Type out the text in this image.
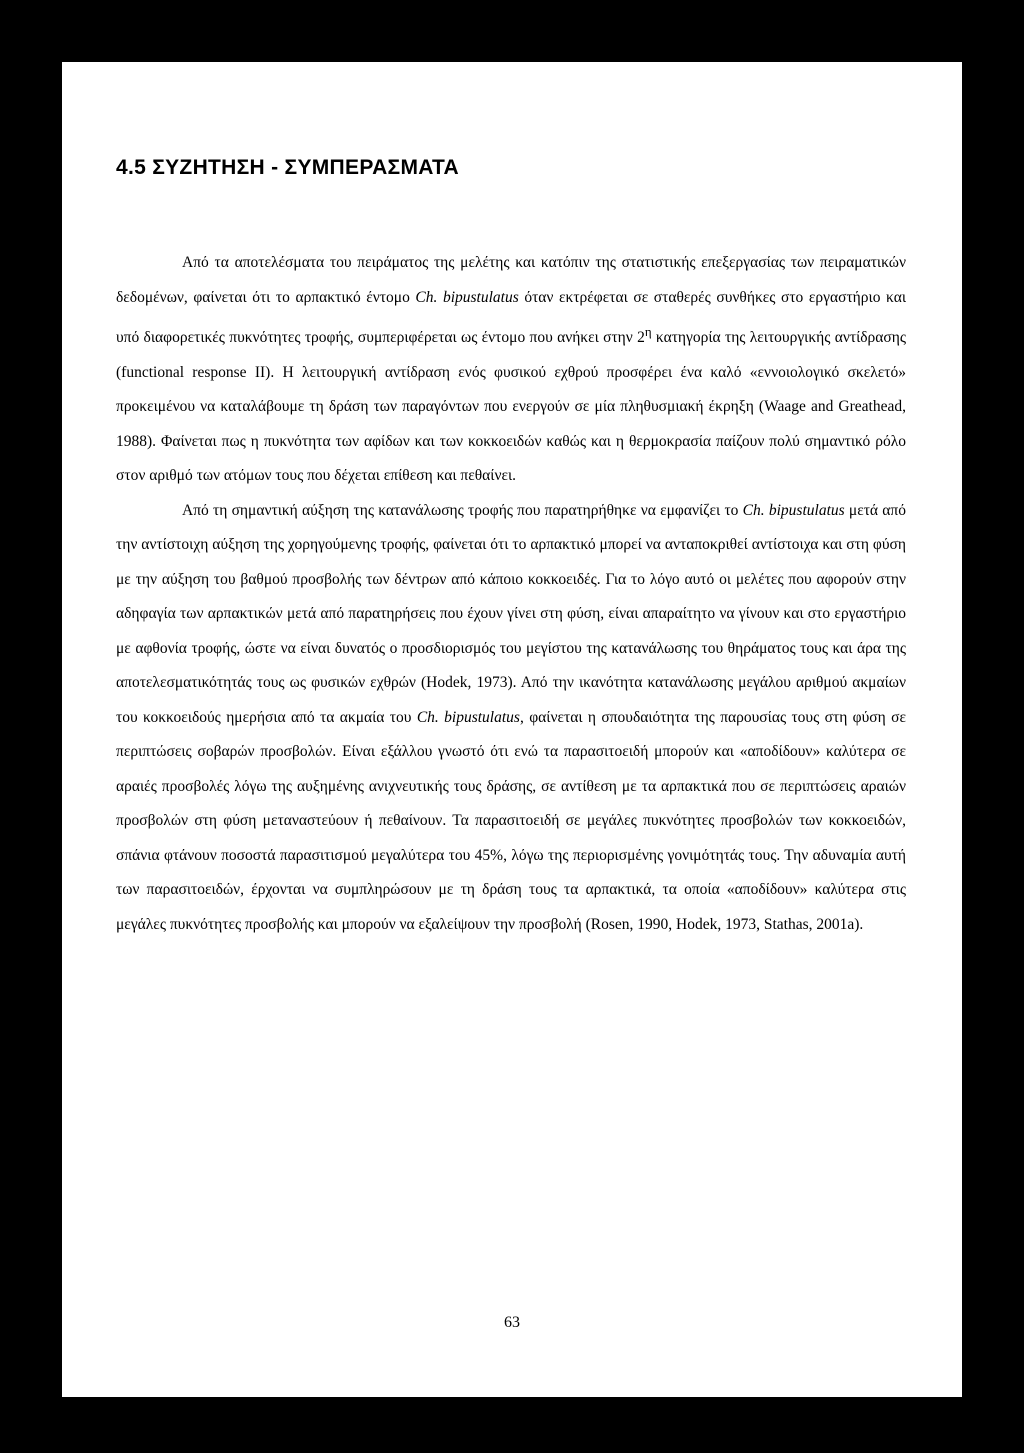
4.5 ΣΥΖΗΤΗΣΗ - ΣΥΜΠΕΡΑΣΜΑΤΑ

Από τα αποτελέσματα του πειράματος της μελέτης και κατόπιν της στατιστικής επεξεργασίας των πειραματικών δεδομένων, φαίνεται ότι το αρπακτικό έντομο Ch. bipustulatus όταν εκτρέφεται σε σταθερές συνθήκες στο εργαστήριο και υπό διαφορετικές πυκνότητες τροφής, συμπεριφέρεται ως έντομο που ανήκει στην $2^\eta$ κατηγορία της λειτουργικής αντίδρασης (functional response II). Η λειτουργική αντίδραση ενός φυσικού εχθρού προσφέρει ένα καλό «εννοιολογικό σκελετό» προκειμένου να καταλάβουμε τη δράση των παραγόντων που ενεργούν σε μία πληθυσμιακή έκρηξη (Waage and Greathead, 1988). Φαίνεται πως η πυκνότητα των αφίδων και των κοκκοειδών καθώς και η θερμοκρασία παίζουν πολύ σημαντικό ρόλο στον αριθμό των ατόμων τους που δέχεται επίθεση και πεθαίνει.

Από τη σημαντική αύξηση της κατανάλωσης τροφής που παρατηρήθηκε να εμφανίζει το Ch. bipustulatus μετά από την αντίστοιχη αύξηση της χορηγούμενης τροφής, φαίνεται ότι το αρπακτικό μπορεί να ανταποκριθεί αντίστοιχα και στη φύση με την αύξηση του βαθμού προσβολής των δέντρων από κάποιο κοκκοειδές. Για το λόγο αυτό οι μελέτες που αφορούν στην αδηφαγία των αρπακτικών μετά από παρατηρήσεις που έχουν γίνει στη φύση, είναι απαραίτητο να γίνουν και στο εργαστήριο με αφθονία τροφής, ώστε να είναι δυνατός ο προσδιορισμός του μεγίστου της κατανάλωσης του θηράματος τους και άρα της αποτελεσματικότητάς τους ως φυσικών εχθρών (Hodek, 1973). Από την ικανότητα κατανάλωσης μεγάλου αριθμού ακμαίων του κοκκοειδούς ημερήσια από τα ακμαία του Ch. bipustulatus, φαίνεται η σπουδαιότητα της παρουσίας τους στη φύση σε περιπτώσεις σοβαρών προσβολών. Είναι εξάλλου γνωστό ότι ενώ τα παρασιτοειδή μπορούν και «αποδίδουν» καλύτερα σε αραιές προσβολές λόγω της αυξημένης ανιχνευτικής τους δράσης, σε αντίθεση με τα αρπακτικά που σε περιπτώσεις αραιών προσβολών στη φύση μεταναστεύουν ή πεθαίνουν. Τα παρασιτοειδή σε μεγάλες πυκνότητες προσβολών των κοκκοειδών, σπάνια φτάνουν ποσοστά παρασιτισμού μεγαλύτερα του 45%, λόγω της περιορισμένης γονιμότητάς τους. Την αδυναμία αυτή των παρασιτοειδών, έρχονται να συμπληρώσουν με τη δράση τους τα αρπακτικά, τα οποία «αποδίδουν» καλύτερα στις μεγάλες πυκνότητες προσβολής και μπορούν να εξαλείψουν την προσβολή (Rosen, 1990, Hodek, 1973, Stathas, 2001a).

63
